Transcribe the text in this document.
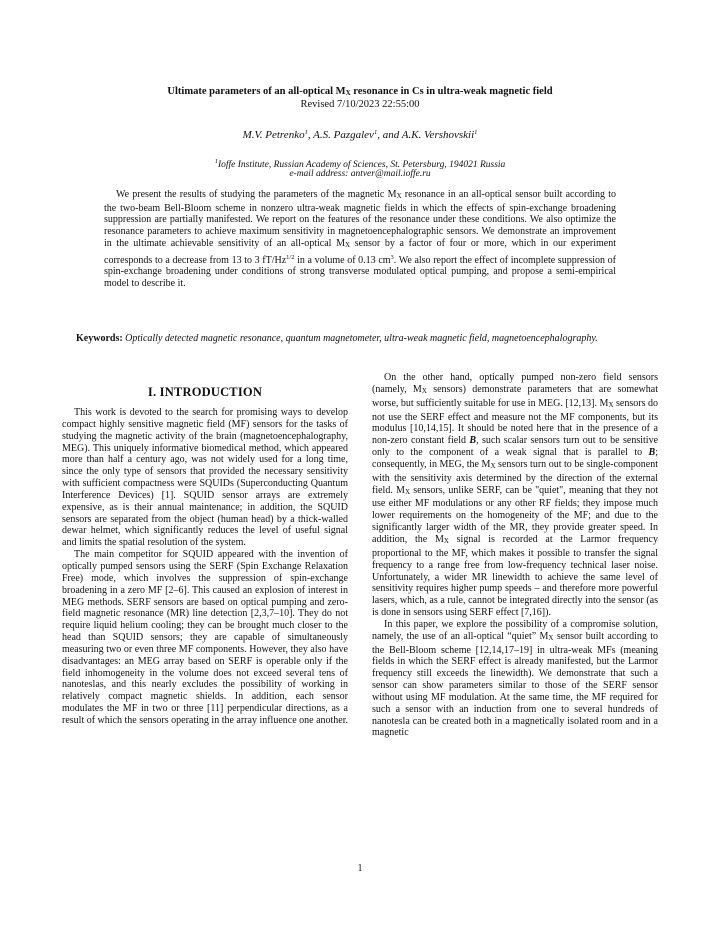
Ultimate parameters of an all-optical MX resonance in Cs in ultra-weak magnetic field
Revised 7/10/2023 22:55:00
M.V. Petrenko$^1$, A.S. Pazgalev$^1$, and A.K. Vershovskii$^1$
$^1$Ioffe Institute, Russian Academy of Sciences, St. Petersburg, 194021 Russia
e-mail address: antver@mail.ioffe.ru

We present the results of studying the parameters of the magnetic MX resonance in an all-optical sensor built according to the two-beam Bell-Bloom scheme in nonzero ultra-weak magnetic fields in which the effects of spin-exchange broadening suppression are partially manifested. We report on the features of the resonance under these conditions. We also optimize the resonance parameters to achieve maximum sensitivity in magnetoencephalographic sensors. We demonstrate an improvement in the ultimate achievable sensitivity of an all-optical MX sensor by a factor of four or more, which in our experiment corresponds to a decrease from 13 to 3 $fT/Hz^{1/2}$ in a volume of 0.13 $cm^3$. We also report the effect of incomplete suppression of spin-exchange broadening under conditions of strong transverse modulated optical pumping, and propose a semi-empirical model to describe it.

Keywords: Optically detected magnetic resonance, quantum magnetometer, ultra-weak magnetic field, magnetoencephalography.

I. INTRODUCTION

This work is devoted to the search for promising ways to develop compact highly sensitive magnetic field (MF) sensors for the tasks of studying the magnetic activity of the brain (magnetoencephalography, MEG). This uniquely informative biomedical method, which appeared more than half a century ago, was not widely used for a long time, since the only type of sensors that provided the necessary sensitivity with sufficient compactness were SQUIDs (Superconducting Quantum Interference Devices) [1]. SQUID sensor arrays are extremely expensive, as is their annual maintenance; in addition, the SQUID sensors are separated from the object (human head) by a thick-walled dewar helmet, which significantly reduces the level of useful signal and limits the spatial resolution of the system.

The main competitor for SQUID appeared with the invention of optically pumped sensors using the SERF (Spin Exchange Relaxation Free) mode, which involves the suppression of spin-exchange broadening in a zero MF [2–6]. This caused an explosion of interest in MEG methods. SERF sensors are based on optical pumping and zero-field magnetic resonance (MR) line detection [2,3,7–10]. They do not require liquid helium cooling; they can be brought much closer to the head than SQUID sensors; they are capable of simultaneously measuring two or even three MF components. However, they also have disadvantages: an MEG array based on SERF is operable only if the field inhomogeneity in the volume does not exceed several tens of nanoteslas, and this nearly excludes the possibility of working in relatively compact magnetic shields. In addition, each sensor modulates the MF in two or three [11] perpendicular directions, as a result of which the sensors operating in the array influence one another.

On the other hand, optically pumped non-zero field sensors (namely, MX sensors) demonstrate parameters that are somewhat worse, but sufficiently suitable for use in MEG. [12,13]. MX sensors do not use the SERF effect and measure not the MF components, but its modulus [10,14,15]. It should be noted here that in the presence of a non-zero constant field B, such scalar sensors turn out to be sensitive only to the component of a weak signal that is parallel to B; consequently, in MEG, the MX sensors turn out to be single-component with the sensitivity axis determined by the direction of the external field. MX sensors, unlike SERF, can be "quiet", meaning that they not use either MF modulations or any other RF fields; they impose much lower requirements on the homogeneity of the MF; and due to the significantly larger width of the MR, they provide greater speed. In addition, the MX signal is recorded at the Larmor frequency proportional to the MF, which makes it possible to transfer the signal frequency to a range free from low-frequency technical laser noise. Unfortunately, a wider MR linewidth to achieve the same level of sensitivity requires higher pump speeds – and therefore more powerful lasers, which, as a rule, cannot be integrated directly into the sensor (as is done in sensors using SERF effect [7,16]).

In this paper, we explore the possibility of a compromise solution, namely, the use of an all-optical “quiet” MX sensor built according to the Bell-Bloom scheme [12,14,17–19] in ultra-weak MFs (meaning fields in which the SERF effect is already manifested, but the Larmor frequency still exceeds the linewidth). We demonstrate that such a sensor can show parameters similar to those of the SERF sensor without using MF modulation. At the same time, the MF required for such a sensor with an induction from one to several hundreds of nanotesla can be created both in a magnetically isolated room and in a magnetic

1
